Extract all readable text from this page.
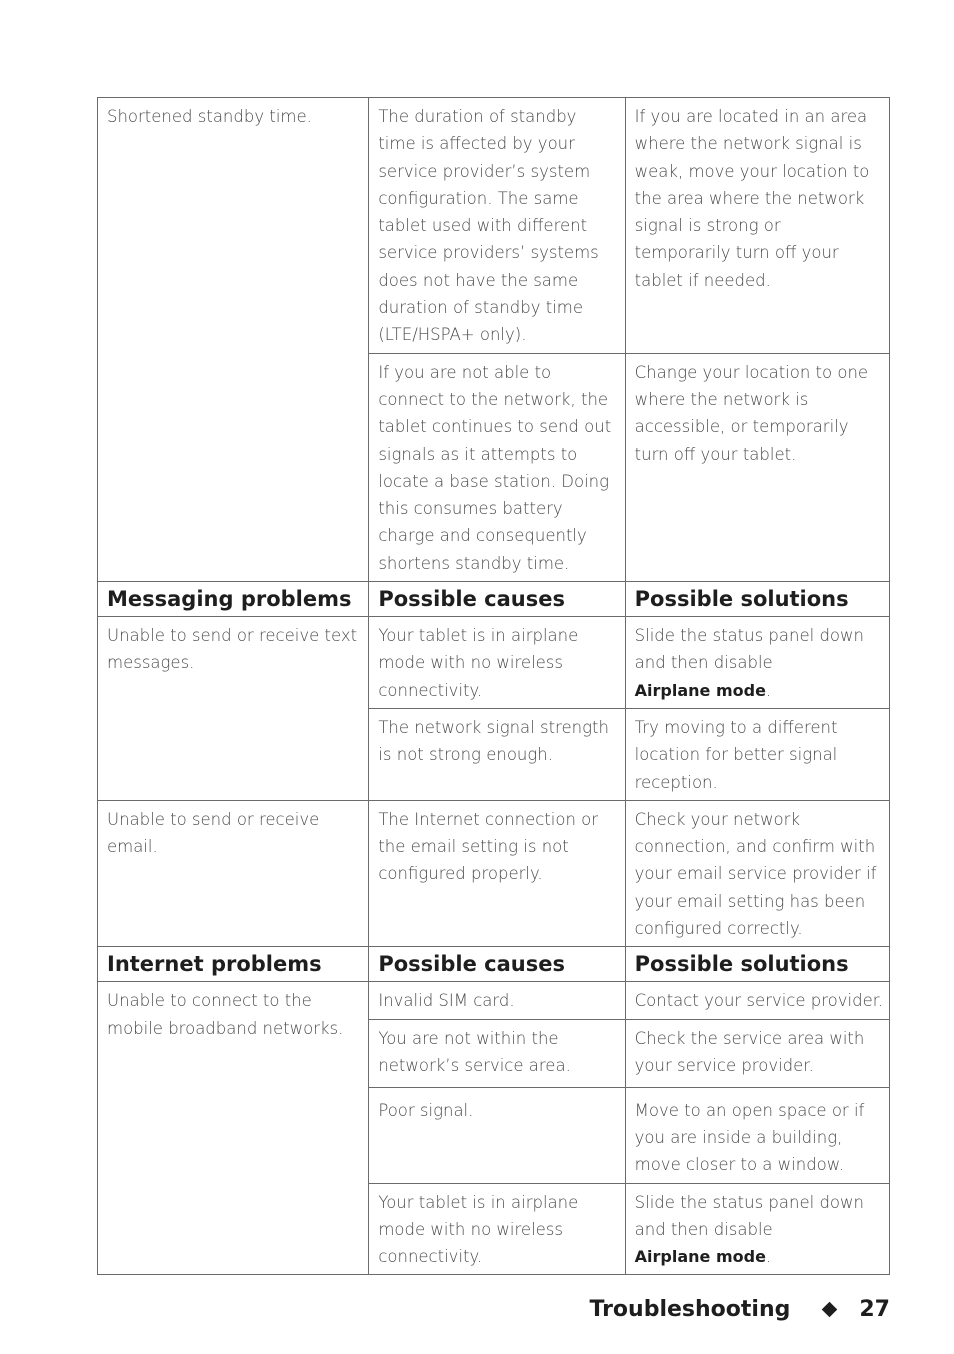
Shortened standby time.	The duration of standby time is affected by your service provider’s system configuration. The same tablet used with different service providers’ systems does not have the same duration of standby time (LTE/HSPA+ only).	If you are located in an area where the network signal is weak, move your location to the area where the network signal is strong or temporarily turn off your tablet if needed.
	If you are not able to connect to the network, the tablet continues to send out signals as it attempts to locate a base station. Doing this consumes battery charge and consequently shortens standby time.	Change your location to one where the network is accessible, or temporarily turn off your tablet.
Messaging problems	Possible causes	Possible solutions
Unable to send or receive text messages.	Your tablet is in airplane mode with no wireless connectivity.	Slide the status panel down and then disable
Airplane mode.
	The network signal strength is not strong enough.	Try moving to a different location for better signal reception.
Unable to send or receive email.	The Internet connection or the email setting is not configured properly.	Check your network connection, and confirm with your email service provider if your email setting has been configured correctly.
Internet problems	Possible causes	Possible solutions
Unable to connect to the mobile broadband networks.	Invalid SIM card.	Contact your service provider.

	You are not within the network’s service area.	Check the service area with your service provider.
	Poor signal.	Move to an open space or if you are inside a building, move closer to a window.
	Your tablet is in airplane mode with no wireless connectivity.	Slide the status panel down and then disable
Airplane mode.
Troubleshooting	27
